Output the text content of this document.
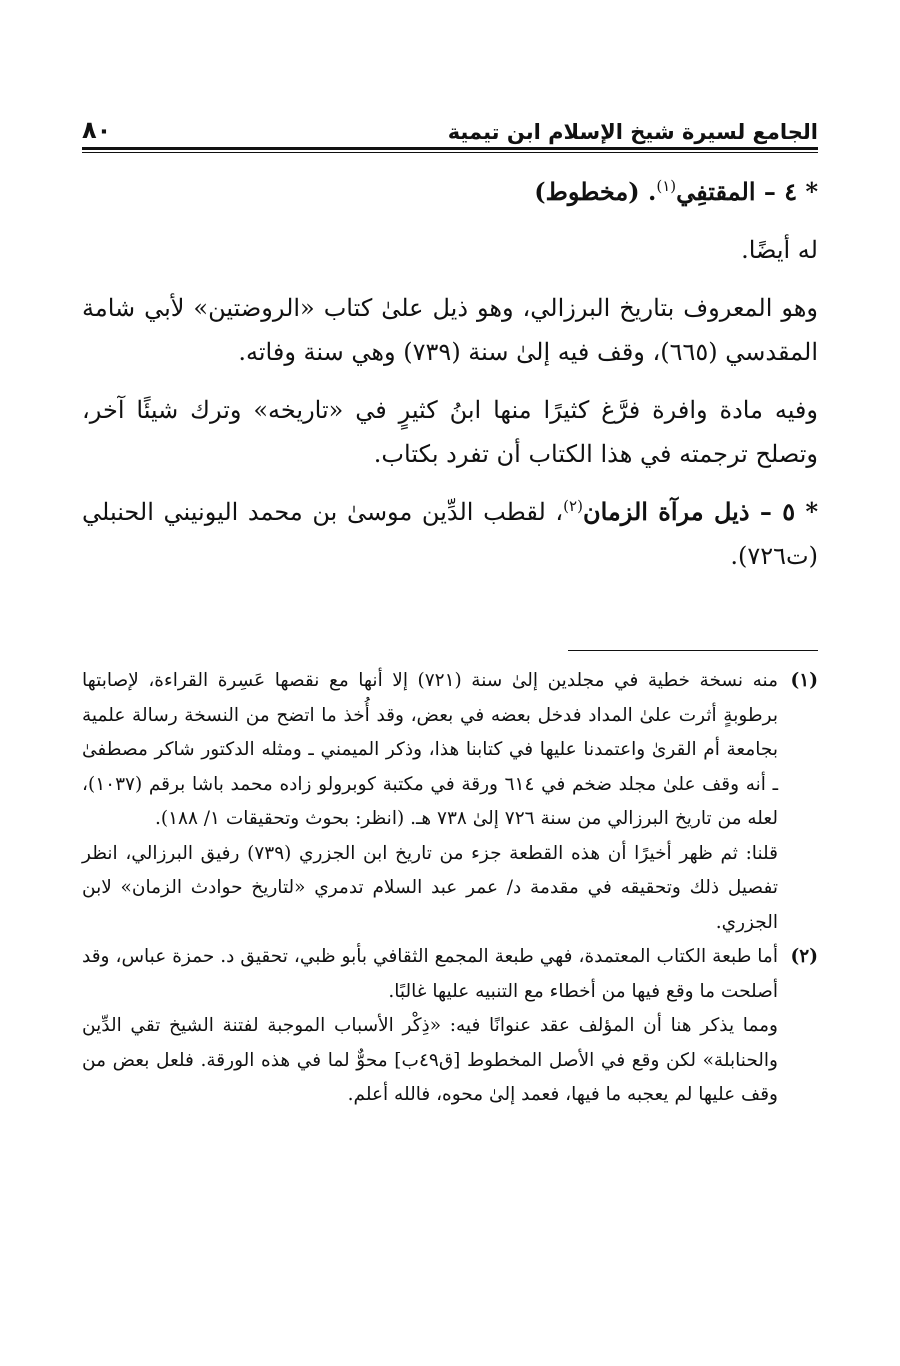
٨٠	الجامع لسيرة شيخ الإسلام ابن تيمية

* ٤ – المقتفِي$^{(١)}$. (مخطوط)

له أيضًا.

وهو المعروف بتاريخ البرزالي، وهو ذيل علىٰ كتاب «الروضتين» لأبي شامة المقدسي (٦٦٥)، وقف فيه إلىٰ سنة (٧٣٩) وهي سنة وفاته.

وفيه مادة وافرة فرَّغ كثيرًا منها ابنُ كثيرٍ في «تاريخه» وترك شيئًا آخر، وتصلح ترجمته في هذا الكتاب أن تفرد بكتاب.

* ٥ – ذيل مرآة الزمان$^{(٢)}$، لقطب الدِّين موسىٰ بن محمد اليونيني الحنبلي (ت٧٢٦).

(١)

منه نسخة خطية في مجلدين إلىٰ سنة (٧٢١) إلا أنها مع نقصها عَسِرة القراءة، لإصابتها برطوبةٍ أثرت علىٰ المداد فدخل بعضه في بعض، وقد أُخذ ما اتضح من النسخة رسالة علمية بجامعة أم القرىٰ واعتمدنا عليها في كتابنا هذا، وذكر الميمني ـ ومثله الدكتور شاكر مصطفىٰ ـ أنه وقف علىٰ مجلد ضخم في ٦١٤ ورقة في مكتبة كوبرولو زاده محمد باشا برقم (١٠٣٧)، لعله من تاريخ البرزالي من سنة ٧٢٦ إلىٰ ٧٣٨ هـ. (انظر: بحوث وتحقيقات ١/ ١٨٨).

قلنا: ثم ظهر أخيرًا أن هذه القطعة جزء من تاريخ ابن الجزري (٧٣٩) رفيق البرزالي، انظر تفصيل ذلك وتحقيقه في مقدمة د/ عمر عبد السلام تدمري «لتاريخ حوادث الزمان» لابن الجزري.

(٢)

أما طبعة الكتاب المعتمدة، فهي طبعة المجمع الثقافي بأبو ظبي، تحقيق د. حمزة عباس، وقد أصلحت ما وقع فيها من أخطاء مع التنبيه عليها غالبًا.

ومما يذكر هنا أن المؤلف عقد عنوانًا فيه: «ذِكْر الأسباب الموجبة لفتنة الشيخ تقي الدِّين والحنابلة» لكن وقع في الأصل المخطوط [ق٤٩ب] محوٌّ لما في هذه الورقة. فلعل بعض من وقف عليها لم يعجبه ما فيها، فعمد إلىٰ محوه، فالله أعلم.
